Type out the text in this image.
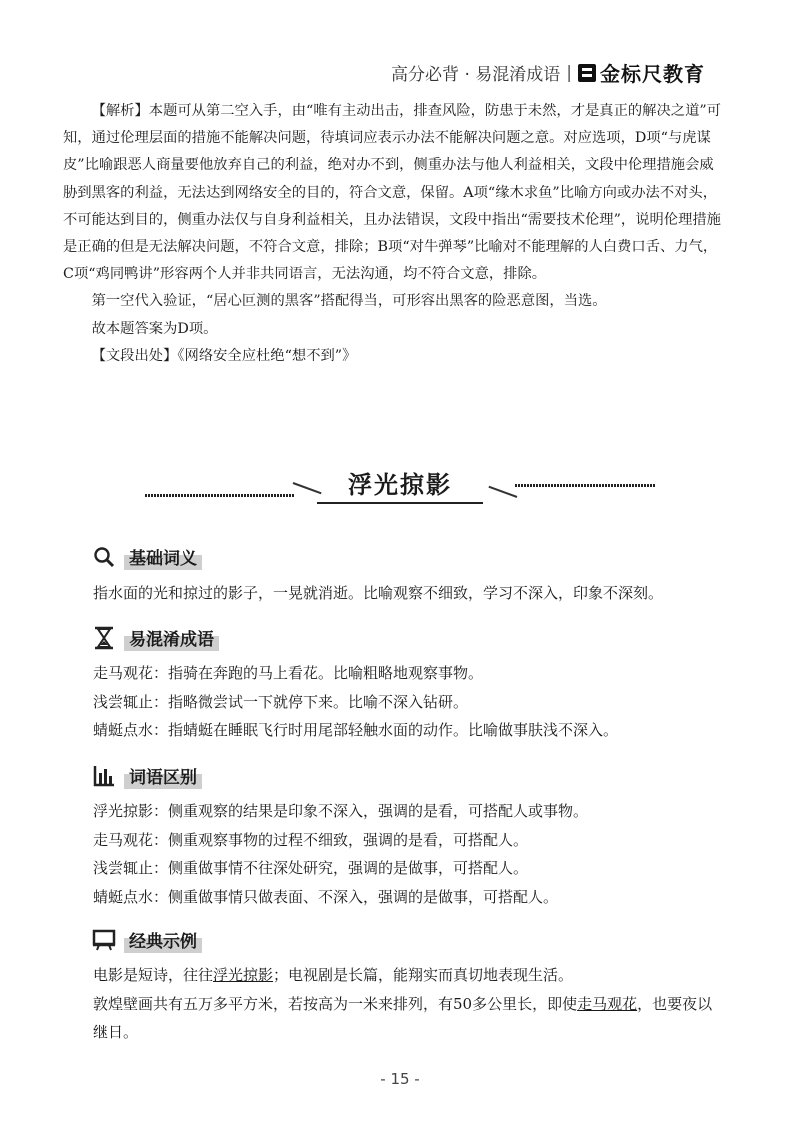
高分必背 · 易混淆成语 | 金标尺教育

【解析】本题可从第二空入手，由“唯有主动出击，排查风险，防患于未然，才是真正的解决之道”可知，通过伦理层面的措施不能解决问题，待填词应表示办法不能解决问题之意。对应选项，D项“与虎谋皮”比喻跟恶人商量要他放弃自己的利益，绝对办不到，侧重办法与他人利益相关，文段中伦理措施会威胁到黑客的利益，无法达到网络安全的目的，符合文意，保留。A项“缘木求鱼”比喻方向或办法不对头，不可能达到目的，侧重办法仅与自身利益相关，且办法错误，文段中指出“需要技术伦理”，说明伦理措施是正确的但是无法解决问题，不符合文意，排除；B项“对牛弹琴”比喻对不能理解的人白费口舌、力气，C项“鸡同鸭讲”形容两个人并非共同语言，无法沟通，均不符合文意，排除。

第一空代入验证，“居心叵测的黑客”搭配得当，可形容出黑客的险恶意图，当选。

故本题答案为D项。

【文段出处】《网络安全应杜绝“想不到”》

浮光掠影
基础词义

指水面的光和掠过的影子，一晃就消逝。比喻观察不细致，学习不深入，印象不深刻。

易混淆成语

走马观花：指骑在奔跑的马上看花。比喻粗略地观察事物。

浅尝辄止：指略微尝试一下就停下来。比喻不深入钻研。

蜻蜓点水：指蜻蜓在睡眠飞行时用尾部轻触水面的动作。比喻做事肤浅不深入。

词语区别

浮光掠影：侧重观察的结果是印象不深入，强调的是看，可搭配人或事物。

走马观花：侧重观察事物的过程不细致，强调的是看，可搭配人。

浅尝辄止：侧重做事情不往深处研究，强调的是做事，可搭配人。

蜻蜓点水：侧重做事情只做表面、不深入，强调的是做事，可搭配人。

经典示例

电影是短诗，往往浮光掠影；电视剧是长篇，能翔实而真切地表现生活。

敦煌壁画共有五万多平方米，若按高为一米来排列，有50多公里长，即使走马观花，也要夜以继日。

- 15 -
